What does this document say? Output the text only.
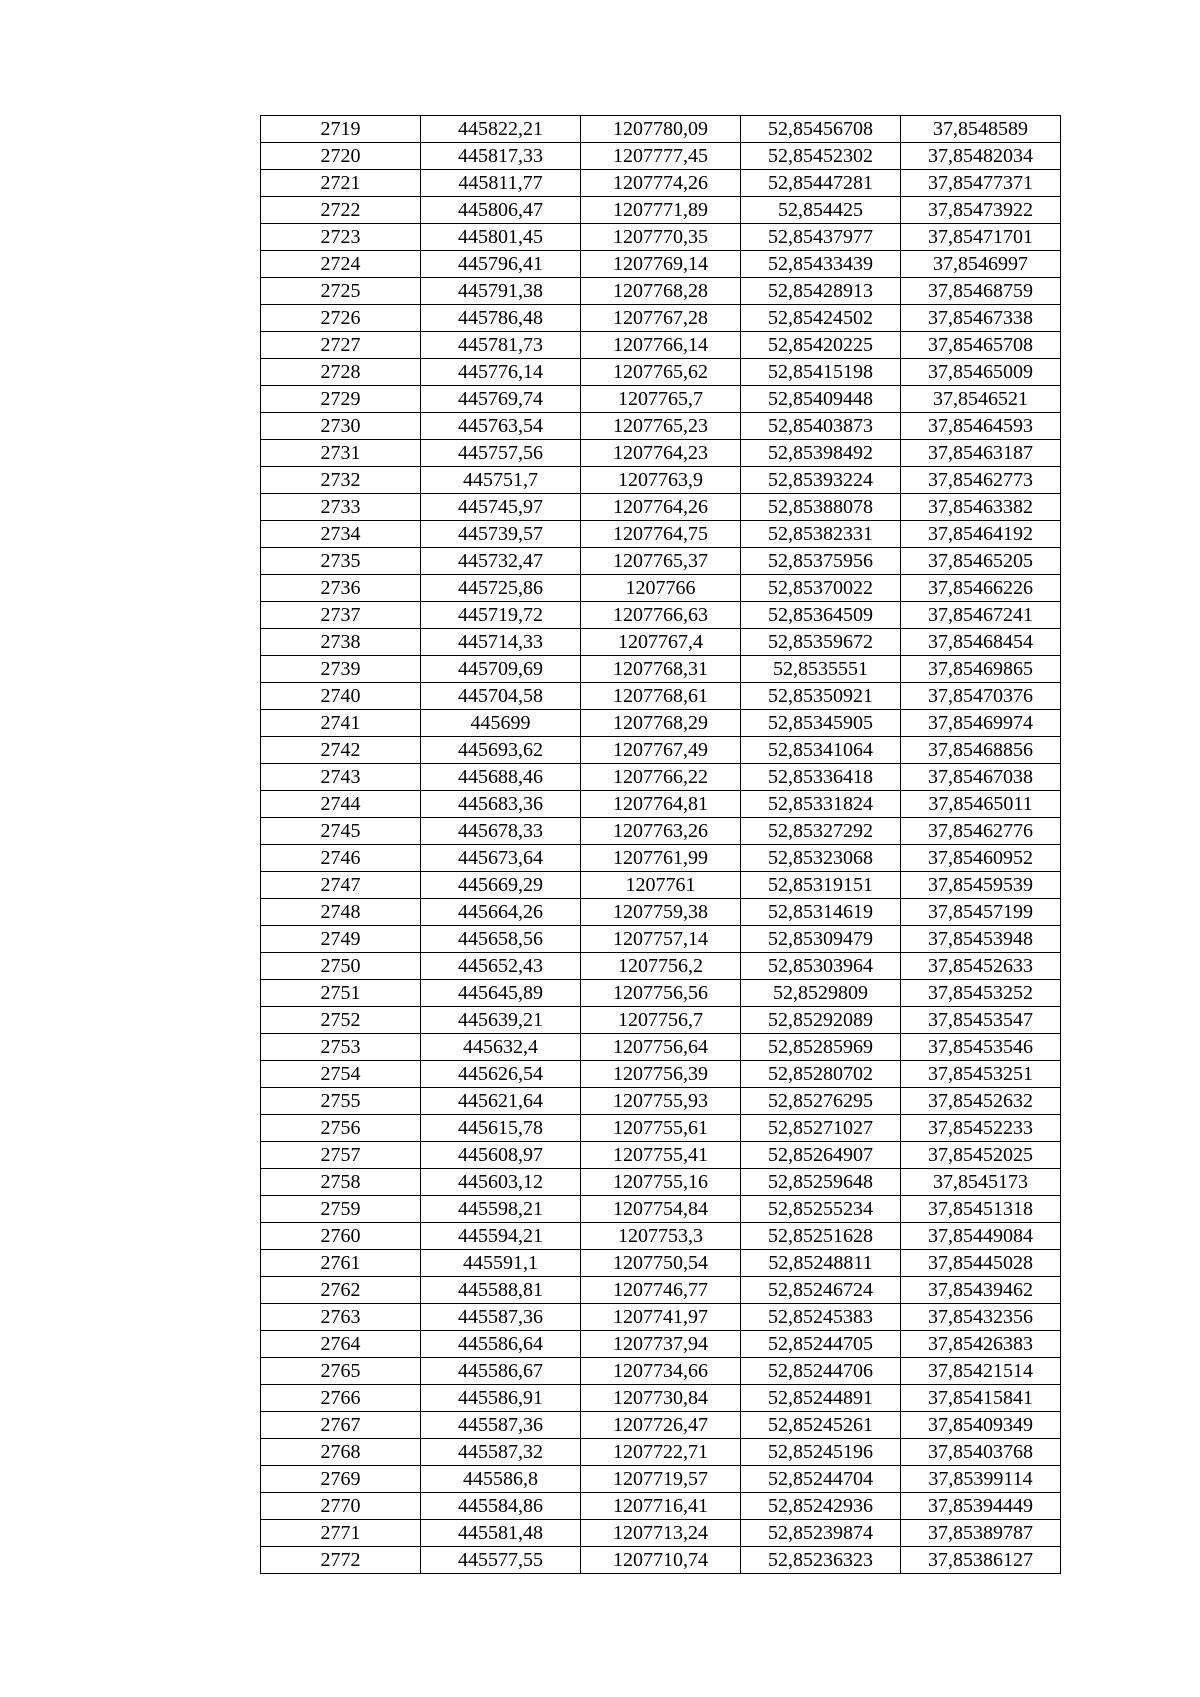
2719	445822,21	1207780,09	52,85456708	37,8548589
2720	445817,33	1207777,45	52,85452302	37,85482034
2721	445811,77	1207774,26	52,85447281	37,85477371
2722	445806,47	1207771,89	52,854425	37,85473922
2723	445801,45	1207770,35	52,85437977	37,85471701
2724	445796,41	1207769,14	52,85433439	37,8546997
2725	445791,38	1207768,28	52,85428913	37,85468759
2726	445786,48	1207767,28	52,85424502	37,85467338
2727	445781,73	1207766,14	52,85420225	37,85465708
2728	445776,14	1207765,62	52,85415198	37,85465009
2729	445769,74	1207765,7	52,85409448	37,8546521
2730	445763,54	1207765,23	52,85403873	37,85464593
2731	445757,56	1207764,23	52,85398492	37,85463187
2732	445751,7	1207763,9	52,85393224	37,85462773
2733	445745,97	1207764,26	52,85388078	37,85463382
2734	445739,57	1207764,75	52,85382331	37,85464192
2735	445732,47	1207765,37	52,85375956	37,85465205
2736	445725,86	1207766	52,85370022	37,85466226
2737	445719,72	1207766,63	52,85364509	37,85467241
2738	445714,33	1207767,4	52,85359672	37,85468454
2739	445709,69	1207768,31	52,8535551	37,85469865
2740	445704,58	1207768,61	52,85350921	37,85470376
2741	445699	1207768,29	52,85345905	37,85469974
2742	445693,62	1207767,49	52,85341064	37,85468856
2743	445688,46	1207766,22	52,85336418	37,85467038
2744	445683,36	1207764,81	52,85331824	37,85465011
2745	445678,33	1207763,26	52,85327292	37,85462776
2746	445673,64	1207761,99	52,85323068	37,85460952
2747	445669,29	1207761	52,85319151	37,85459539
2748	445664,26	1207759,38	52,85314619	37,85457199
2749	445658,56	1207757,14	52,85309479	37,85453948
2750	445652,43	1207756,2	52,85303964	37,85452633
2751	445645,89	1207756,56	52,8529809	37,85453252
2752	445639,21	1207756,7	52,85292089	37,85453547
2753	445632,4	1207756,64	52,85285969	37,85453546
2754	445626,54	1207756,39	52,85280702	37,85453251
2755	445621,64	1207755,93	52,85276295	37,85452632
2756	445615,78	1207755,61	52,85271027	37,85452233
2757	445608,97	1207755,41	52,85264907	37,85452025
2758	445603,12	1207755,16	52,85259648	37,8545173
2759	445598,21	1207754,84	52,85255234	37,85451318
2760	445594,21	1207753,3	52,85251628	37,85449084
2761	445591,1	1207750,54	52,85248811	37,85445028
2762	445588,81	1207746,77	52,85246724	37,85439462
2763	445587,36	1207741,97	52,85245383	37,85432356
2764	445586,64	1207737,94	52,85244705	37,85426383
2765	445586,67	1207734,66	52,85244706	37,85421514
2766	445586,91	1207730,84	52,85244891	37,85415841
2767	445587,36	1207726,47	52,85245261	37,85409349
2768	445587,32	1207722,71	52,85245196	37,85403768
2769	445586,8	1207719,57	52,85244704	37,85399114
2770	445584,86	1207716,41	52,85242936	37,85394449
2771	445581,48	1207713,24	52,85239874	37,85389787
2772	445577,55	1207710,74	52,85236323	37,85386127
